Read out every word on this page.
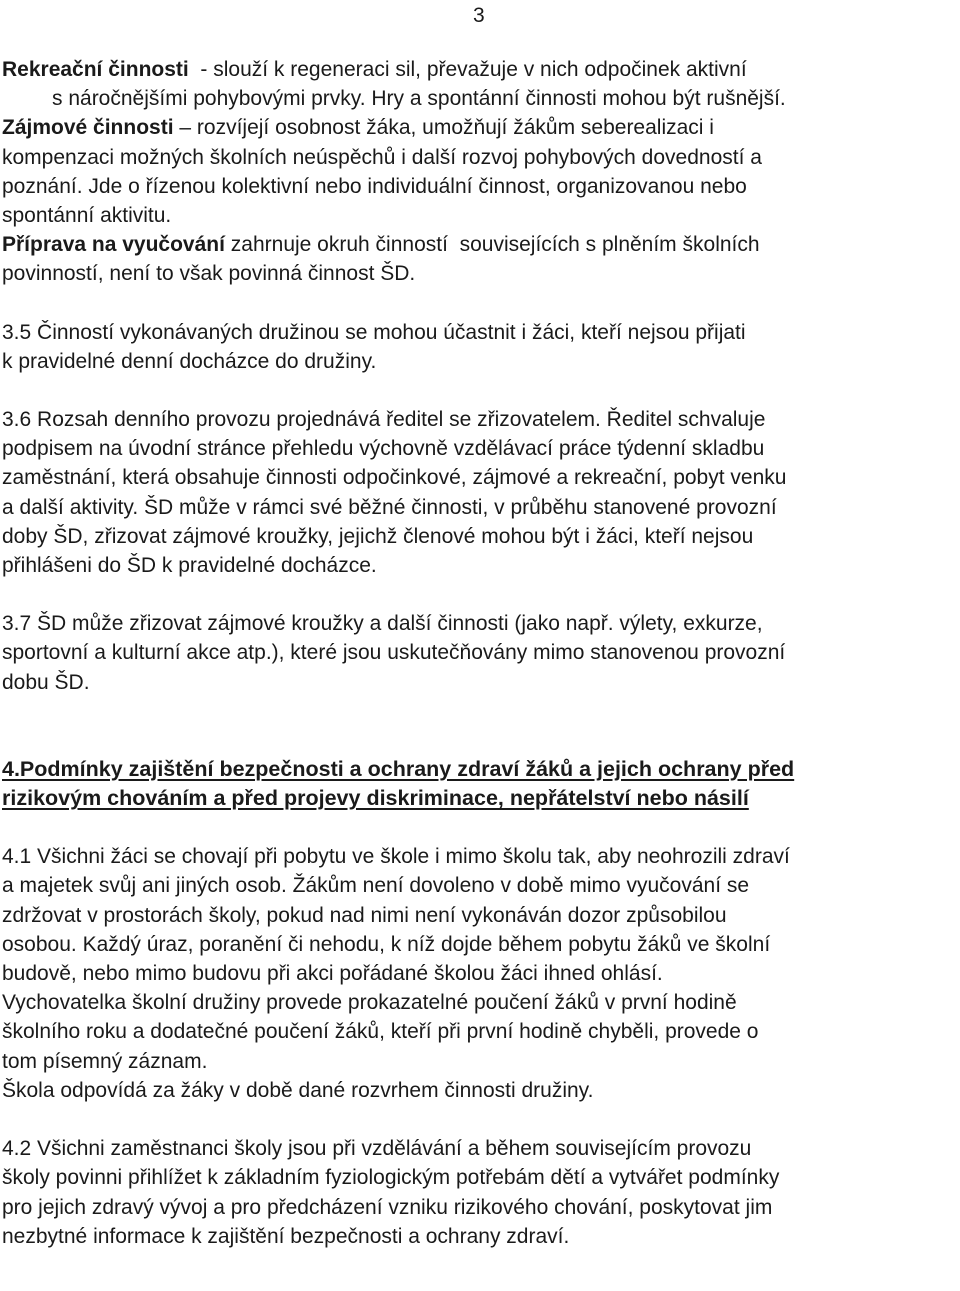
3
Rekreační činnosti  - slouží k regeneraci sil, převažuje v nich odpočinek aktivní
s náročnějšími pohybovými prvky. Hry a spontánní činnosti mohou být rušnější.
Zájmové činnosti – rozvíjejí osobnost žáka, umožňují žákům seberealizaci i
kompenzaci možných školních neúspěchů i další rozvoj pohybových dovedností a
poznání. Jde o řízenou kolektivní nebo individuální činnost, organizovanou nebo
spontánní aktivitu.
Příprava na vyučování zahrnuje okruh činností  souvisejících s plněním školních
povinností, není to však povinná činnost ŠD.
3.5 Činností vykonávaných družinou se mohou účastnit i žáci, kteří nejsou přijati
k pravidelné denní docházce do družiny.
3.6 Rozsah denního provozu projednává ředitel se zřizovatelem. Ředitel schvaluje
podpisem na úvodní stránce přehledu výchovně vzdělávací práce týdenní skladbu
zaměstnání, která obsahuje činnosti odpočinkové, zájmové a rekreační, pobyt venku
a další aktivity. ŠD může v rámci své běžné činnosti, v průběhu stanovené provozní
doby ŠD, zřizovat zájmové kroužky, jejichž členové mohou být i žáci, kteří nejsou
přihlášeni do ŠD k pravidelné docházce.
3.7 ŠD může zřizovat zájmové kroužky a další činnosti (jako např. výlety, exkurze,
sportovní a kulturní akce atp.), které jsou uskutečňovány mimo stanovenou provozní
dobu ŠD.
4.Podmínky zajištění bezpečnosti a ochrany zdraví žáků a jejich ochrany před
rizikovým chováním a před projevy diskriminace, nepřátelství nebo násilí
4.1 Všichni žáci se chovají při pobytu ve škole i mimo školu tak, aby neohrozili zdraví
a majetek svůj ani jiných osob. Žákům není dovoleno v době mimo vyučování se
zdržovat v prostorách školy, pokud nad nimi není vykonáván dozor způsobilou
osobou. Každý úraz, poranění či nehodu, k níž dojde během pobytu žáků ve školní
budově, nebo mimo budovu při akci pořádané školou žáci ihned ohlásí.
Vychovatelka školní družiny provede prokazatelné poučení žáků v první hodině
školního roku a dodatečné poučení žáků, kteří při první hodině chyběli, provede o
tom písemný záznam.
Škola odpovídá za žáky v době dané rozvrhem činnosti družiny.
4.2 Všichni zaměstnanci školy jsou při vzdělávání a během souvisejícím provozu
školy povinni přihlížet k základním fyziologickým potřebám dětí a vytvářet podmínky
pro jejich zdravý vývoj a pro předcházení vzniku rizikového chování, poskytovat jim
nezbytné informace k zajištění bezpečnosti a ochrany zdraví.
